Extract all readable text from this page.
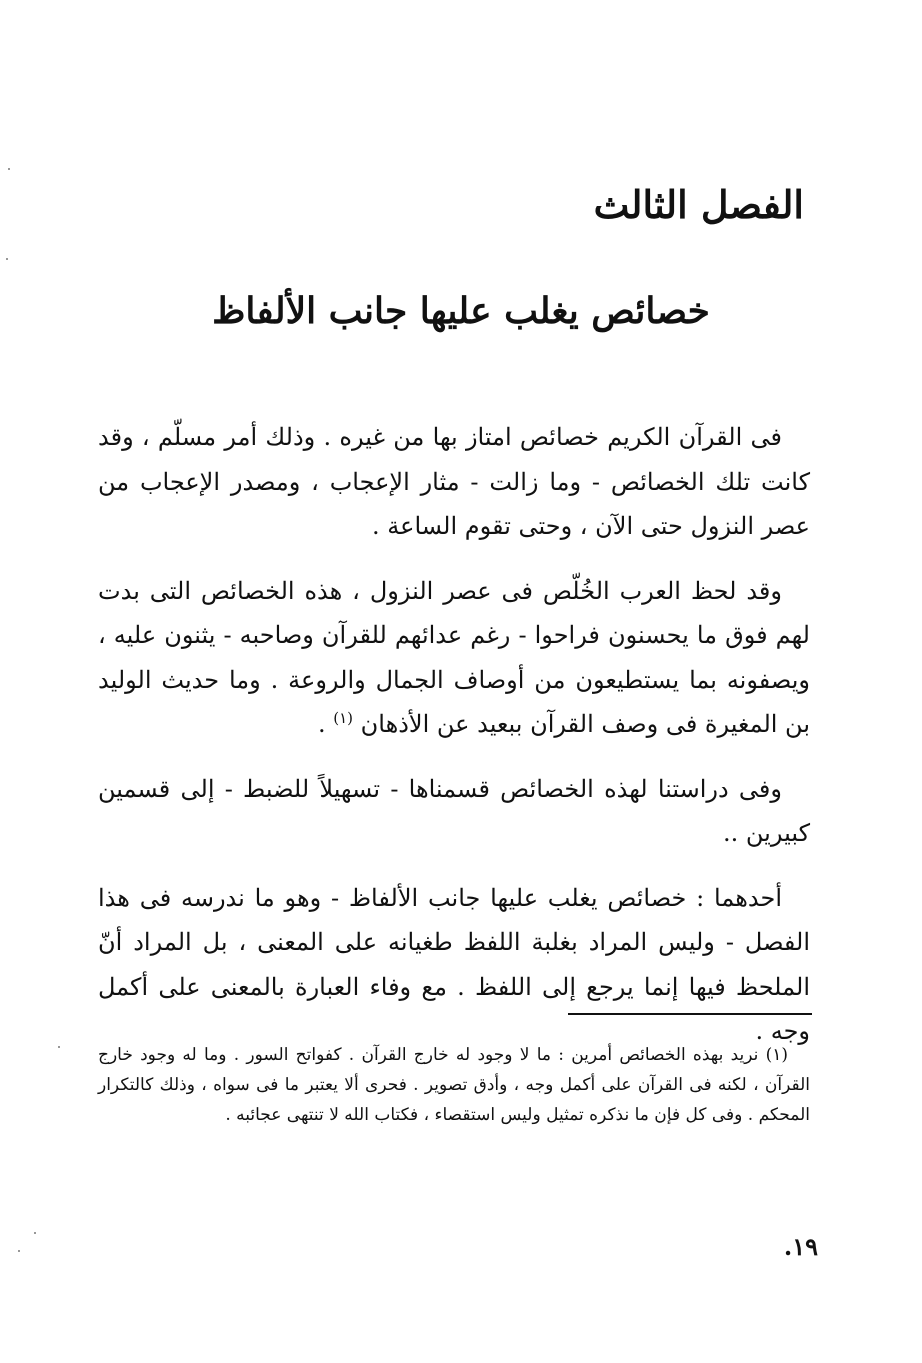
الفصل الثالث
خصائص يغلب عليها جانب الألفاظ

فى القرآن الكريم خصائص امتاز بها من غيره . وذلك أمر مسلّم ، وقد كانت تلك الخصائص - وما زالت - مثار الإعجاب ، ومصدر الإعجاب من عصر النزول حتى الآن ، وحتى تقوم الساعة .

وقد لحظ العرب الخُلّص فى عصر النزول ، هذه الخصائص التى بدت لهم فوق ما يحسنون فراحوا - رغم عدائهم للقرآن وصاحبه - يثنون عليه ، ويصفونه بما يستطيعون من أوصاف الجمال والروعة . وما حديث الوليد بن المغيرة فى وصف القرآن ببعيد عن الأذهان $^{(١)}$ .

وفى دراستنا لهذه الخصائص قسمناها - تسهيلاً للضبط - إلى قسمين كبيرين ..

أحدهما : خصائص يغلب عليها جانب الألفاظ - وهو ما ندرسه فى هذا الفصل - وليس المراد بغلبة اللفظ طغيانه على المعنى ، بل المراد أنّ الملحظ فيها إنما يرجع إلى اللفظ . مع وفاء العبارة بالمعنى على أكمل وجه .

(١) نريد بهذه الخصائص أمرين : ما لا وجود له خارج القرآن . كفواتح السور . وما له وجود خارج القرآن ، لكنه فى القرآن على أكمل وجه ، وأدق تصوير . فحرى ألا يعتبر ما فى سواه ، وذلك كالتكرار المحكم . وفى كل فإن ما نذكره تمثيل وليس استقصاء ، فكتاب الله لا تنتهى عجائبه .

١٩.
